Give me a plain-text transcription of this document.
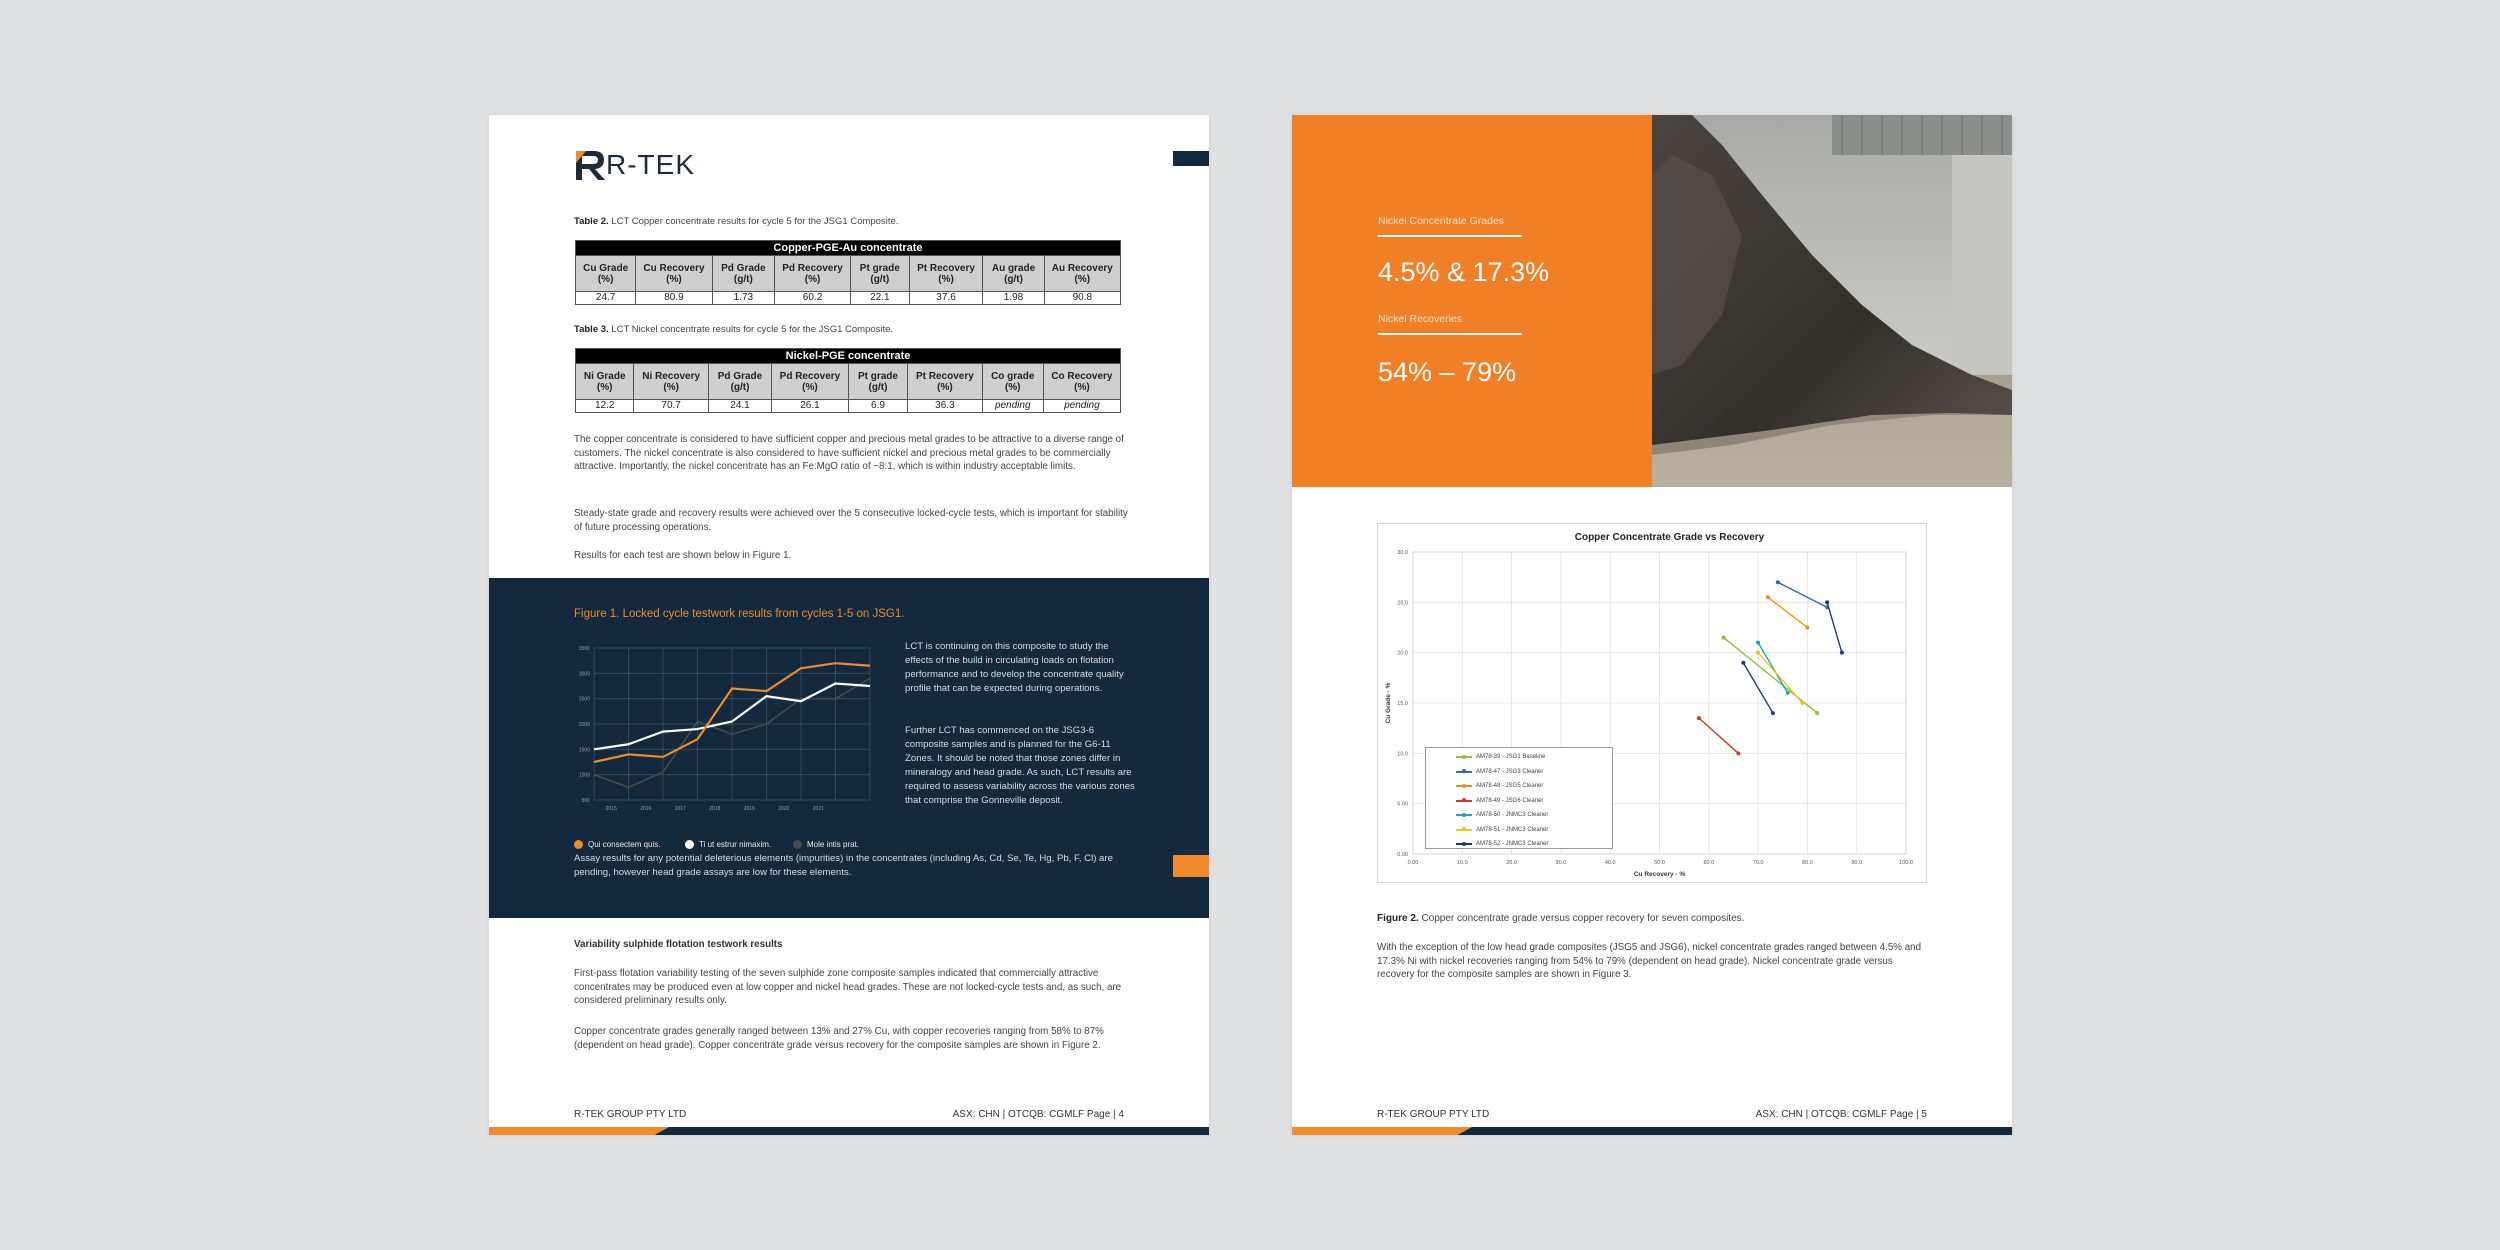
R-TEK
Table 2. LCT Copper concentrate results for cycle 5 for the JSG1 Composite.
Copper-PGE-Au concentrate							
Cu Grade (%)	Cu Recovery (%)	Pd Grade (g/t)	Pd Recovery (%)	Pt grade (g/t)	Pt Recovery (%)	Au grade (g/t)	Au Recovery (%)
24.7	80.9	1.73	60.2	22.1	37.6	1.98	90.8
Table 3. LCT Nickel concentrate results for cycle 5 for the JSG1 Composite.
Nickel-PGE concentrate							
Ni Grade (%)	Ni Recovery (%)	Pd Grade (g/t)	Pd Recovery (%)	Pt grade (g/t)	Pt Recovery (%)	Co grade (%)	Co Recovery (%)
12.2	70.7	24.1	26.1	6.9	36.3	pending	pending

The copper concentrate is considered to have sufficient copper and precious metal grades to be attractive to a diverse range of customers. The nickel concentrate is also considered to have sufficient nickel and precious metal grades to be commercially attractive. Importantly, the nickel concentrate has an Fe:MgO ratio of ~8:1, which is within industry acceptable limits.

Steady-state grade and recovery results were achieved over the 5 consecutive locked-cycle tests, which is important for stability of future processing operations.

Results for each test are shown below in Figure 1.

Figure 1. Locked cycle testwork results from cycles 1-5 on JSG1.
500
1000
1500
2000
2500
3000
3500
2015	2016	2017	2018	2019	2020	2021
Qui consectem quis.	Ti ut estrur nimaxim.	Mole intis prat.

LCT is continuing on this composite to study the effects of the build in circulating loads on flotation performance and to develop the concentrate quality profile that can be expected during operations.

Further LCT has commenced on the JSG3-6 composite samples and is planned for the G6-11 Zones. It should be noted that those zones differ in mineralogy and head grade. As such, LCT results are required to assess variability across the various zones that comprise the Gonneville deposit.

Assay results for any potential deleterious elements (impurities) in the concentrates (including As, Cd, Se, Te, Hg, Pb, F, Cl) are pending, however head grade assays are low for these elements.

Variability sulphide flotation testwork results

First-pass flotation variability testing of the seven sulphide zone composite samples indicated that commercially attractive concentrates may be produced even at low copper and nickel head grades. These are not locked-cycle tests and, as such, are considered preliminary results only.

Copper concentrate grades generally ranged between 13% and 27% Cu, with copper recoveries ranging from 58% to 87% (dependent on head grade). Copper concentrate grade versus recovery for the composite samples are shown in Figure 2.

R-TEK GROUP PTY LTD	ASX: CHN | OTCQB: CGMLF Page | 4
Nickel Concentrate Grades
4.5% & 17.3%
Nickel Recoveries
54% – 79%
Copper Concentrate Grade vs Recovery
0.00	10.0	20.0	30.0	40.0	50.0	60.0	70.0	80.0	90.0	100.0
0.00
5.00
10.0
15.0
20.0
25.0
30.0
Cu Recovery - %
Cu Grade - %
AM78-39 - JSG1 Baseline
AM78-47 - JSG3 Cleaner
AM78-48 - JSG5 Cleaner
AM78-49 - JSG6 Cleaner
AM78-50 - JNMC3 Cleaner
AM78-51 - JNMC3 Cleaner
AM78-52 - JNMC3 Cleaner
Figure 2. Copper concentrate grade versus copper recovery for seven composites.

With the exception of the low head grade composites (JSG5 and JSG6), nickel concentrate grades ranged between 4.5% and 17.3% Ni with nickel recoveries ranging from 54% to 79% (dependent on head grade). Nickel concentrate grade versus recovery for the composite samples are shown in Figure 3.

R-TEK GROUP PTY LTD	ASX: CHN | OTCQB: CGMLF Page | 5
